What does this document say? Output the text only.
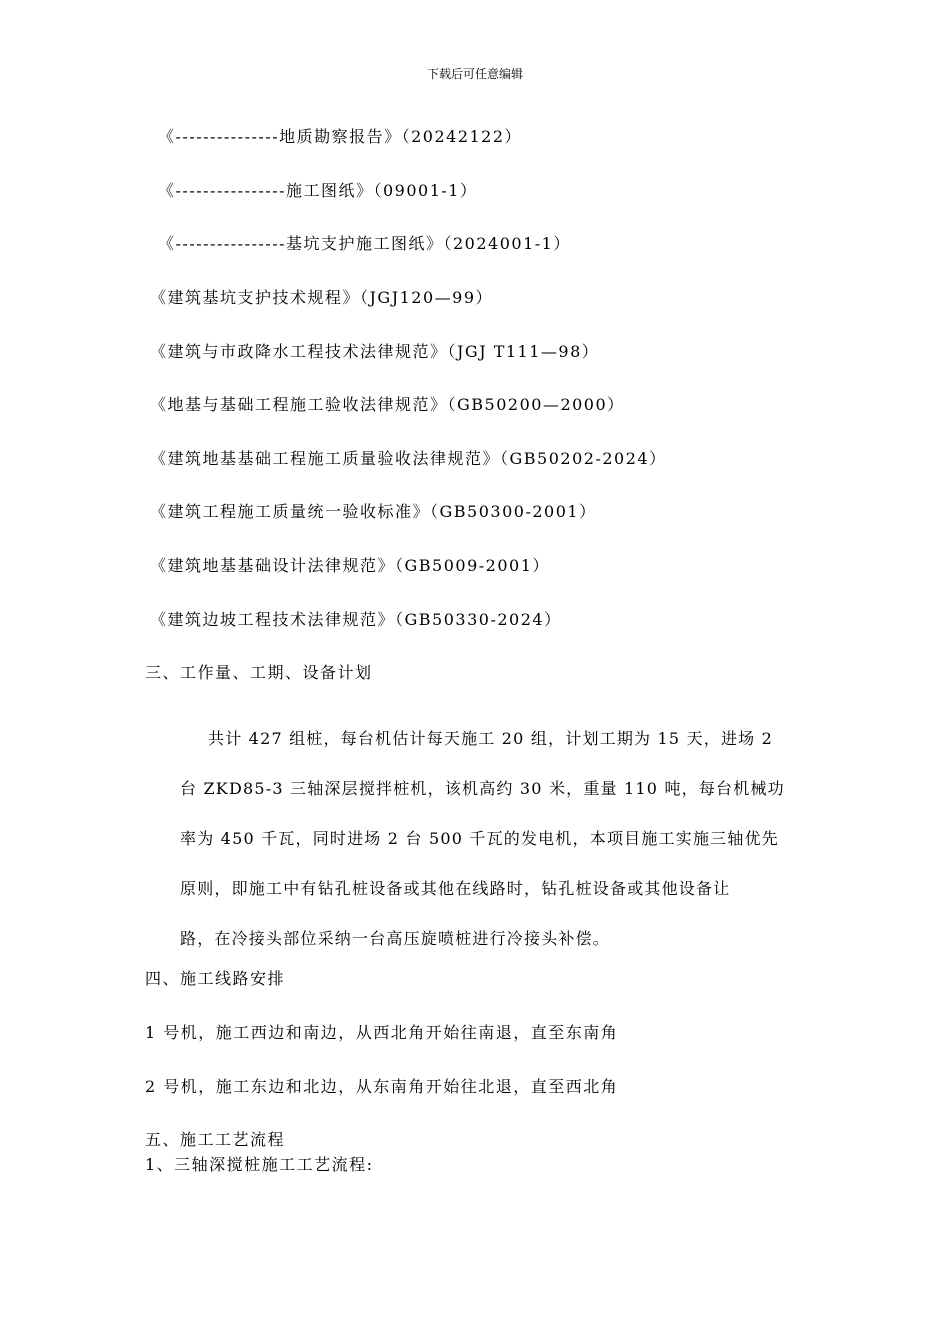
下载后可任意编辑
《---------------地质勘察报告》（20242122）
《----------------施工图纸》（09001-1）
《----------------基坑支护施工图纸》（2024001-1）
《建筑基坑支护技术规程》（JGJ120—99）
《建筑与市政降水工程技术法律规范》（JGJ T111—98）
《地基与基础工程施工验收法律规范》（GB50200—2000）
《建筑地基基础工程施工质量验收法律规范》（GB50202-2024）
《建筑工程施工质量统一验收标准》（GB50300-2001）
《建筑地基基础设计法律规范》（GB5009-2001）
《建筑边坡工程技术法律规范》（GB50330-2024）
三、工作量、工期、设备计划
共计 427 组桩，每台机估计每天施工 20 组，计划工期为 15 天，进场 2
台 ZKD85-3 三轴深层搅拌桩机，该机高约 30 米，重量 110 吨，每台机械功
率为 450 千瓦，同时进场 2 台 500 千瓦的发电机，本项目施工实施三轴优先
原则，即施工中有钻孔桩设备或其他在线路时，钻孔桩设备或其他设备让
路，在冷接头部位采纳一台高压旋喷桩进行冷接头补偿。
四、施工线路安排
1 号机，施工西边和南边，从西北角开始往南退，直至东南角
2 号机，施工东边和北边，从东南角开始往北退，直至西北角
五、施工工艺流程
1、三轴深搅桩施工工艺流程:
